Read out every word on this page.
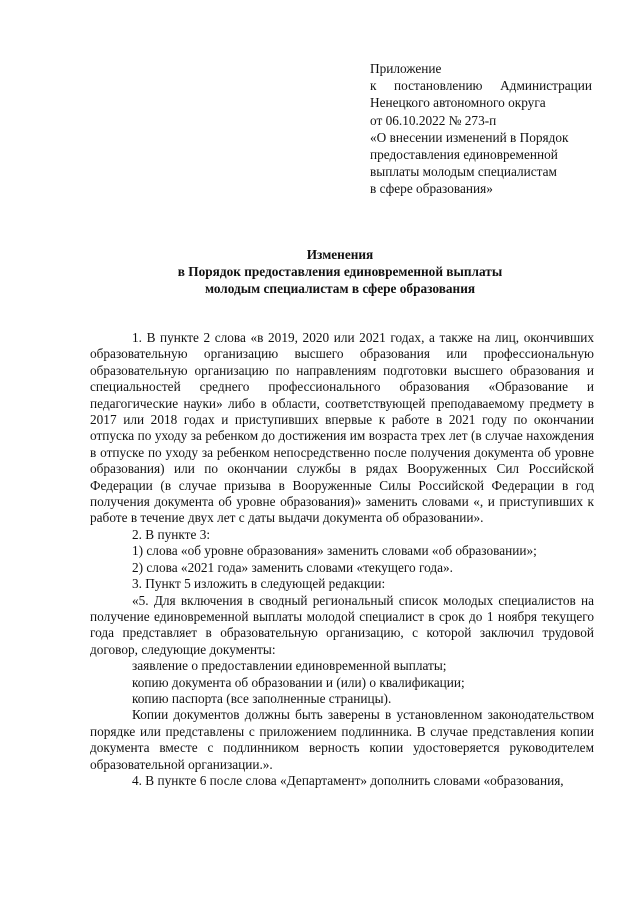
Приложение
к постановлению Администрации
Ненецкого автономного округа
от 06.10.2022 № 273-п
«О внесении изменений в Порядок
предоставления единовременной
выплаты молодым специалистам
в сфере образования»
Изменения
в Порядок предоставления единовременной выплаты
молодым специалистам в сфере образования

1. В пункте 2 слова «в 2019, 2020 или 2021 годах, а также на лиц, окончивших образовательную организацию высшего образования или профессиональную образовательную организацию по направлениям подготовки высшего образования и специальностей среднего профессионального образования «Образование и педагогические науки» либо в области, соответствующей преподаваемому предмету в 2017 или 2018 годах и приступивших впервые к работе в 2021 году по окончании отпуска по уходу за ребенком до достижения им возраста трех лет (в случае нахождения в отпуске по уходу за ребенком непосредственно после получения документа об уровне образования) или по окончании службы в рядах Вооруженных Сил Российской Федерации (в случае призыва в Вооруженные Силы Российской Федерации в год получения документа об уровне образования)» заменить словами «, и приступивших к работе в течение двух лет с даты выдачи документа об образовании».

2. В пункте 3:

1) слова «об уровне образования» заменить словами «об образовании»;

2) слова «2021 года» заменить словами «текущего года».

3. Пункт 5 изложить в следующей редакции:

«5. Для включения в сводный региональный список молодых специалистов на получение единовременной выплаты молодой специалист в срок до 1 ноября текущего года представляет в образовательную организацию, с которой заключил трудовой договор, следующие документы:

заявление о предоставлении единовременной выплаты;

копию документа об образовании и (или) о квалификации;

копию паспорта (все заполненные страницы).

Копии документов должны быть заверены в установленном законодательством порядке или представлены с приложением подлинника. В случае представления копии документа вместе с подлинником верность копии удостоверяется руководителем образовательной организации.».

4. В пункте 6 после слова «Департамент» дополнить словами «образования,
